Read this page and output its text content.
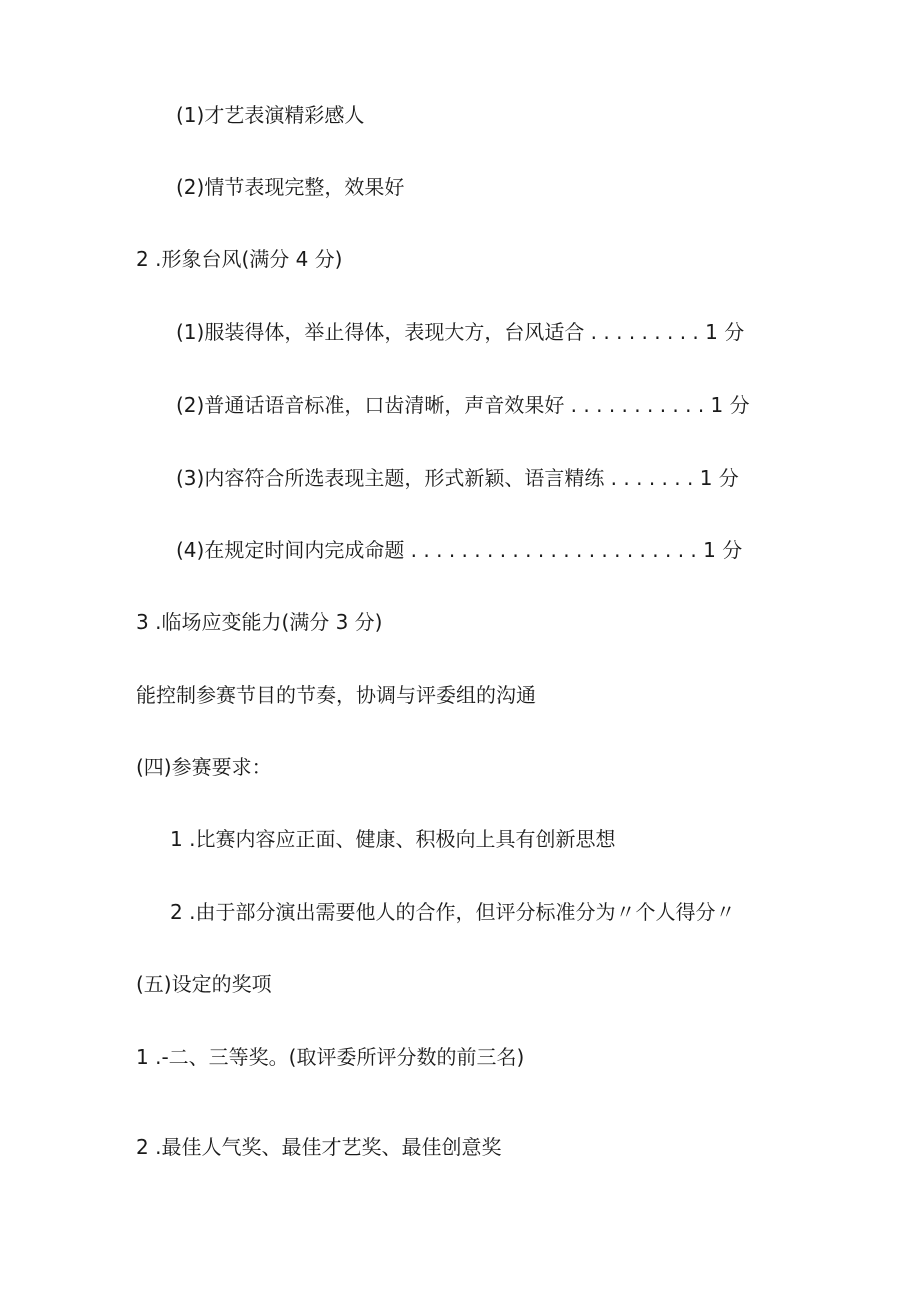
(1)才艺表演精彩感人
(2)情节表现完整，效果好
2 .形象台风(满分 4 分)
(1)服装得体，举止得体，表现大方，台风适合 . . . . . . . . . 1 分
(2)普通话语音标准，口齿清晰，声音效果好 . . . . . . . . . . . 1 分
(3)内容符合所选表现主题，形式新颖、语言精练 . . . . . . . 1 分
(4)在规定时间内完成命题 . . . . . . . . . . . . . . . . . . . . . . . 1 分
3 .临场应变能力(满分 3 分)
能控制参赛节目的节奏，协调与评委组的沟通
(四)参赛要求：
1 .比赛内容应正面、健康、积极向上具有创新思想
2 .由于部分演出需要他人的合作，但评分标准分为〃个人得分〃
(五)设定的奖项
1 .-二、三等奖。(取评委所评分数的前三名)
2 .最佳人气奖、最佳才艺奖、最佳创意奖
